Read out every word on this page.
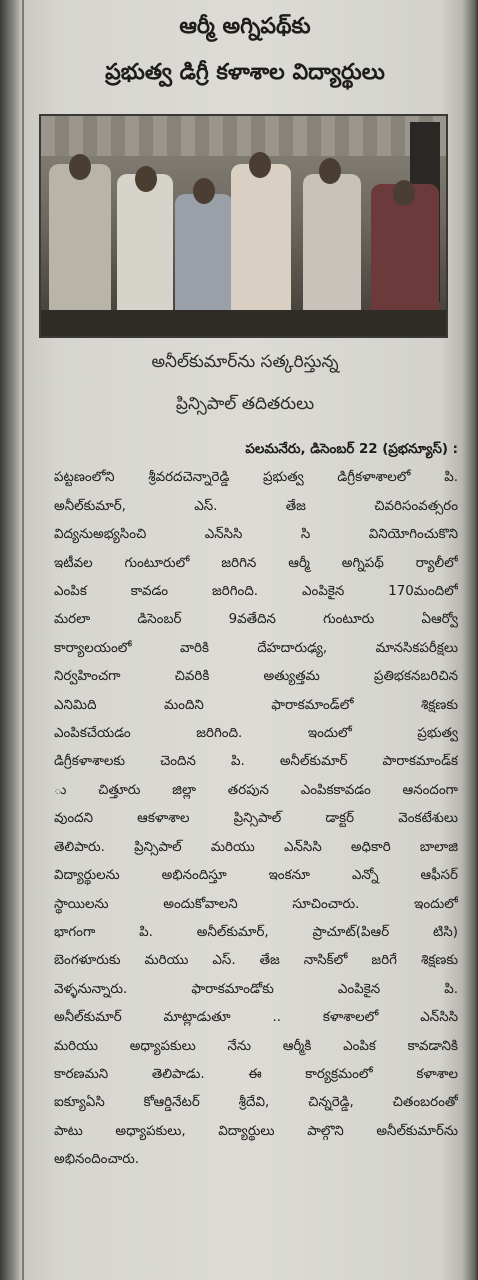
ఆర్మీ అగ్నిపథ్‌కు
ప్రభుత్వ డిగ్రీ కళాశాల విద్యార్థులు
అనీల్‌కుమార్‌ను సత్కరిస్తున్న
ప్రిన్సిపాల్ తదితరులు
పలమనేరు, డిసెంబర్ 22 (ప్రభన్యూస్) :
పట్టణంలోని శ్రీవరదచెన్నారెడ్డి ప్రభుత్వ డిగ్రీకళాశాలలో పి.
అనీల్‌కుమార్, ఎస్. తేజ చివరిసంవత్సరం
విద్యనుఅభ్యసించి ఎన్‌సిసి సి వినియోగించుకొని
ఇటీవల గుంటూరులో జరిగిన ఆర్మీ అగ్నిపథ్ ర్యాలీలో
ఎంపిక కావడం జరిగింది. ఎంపికైన 170మందిలో
మరలా డిసెంబర్ 9వతేదిన గుంటూరు ఏఆర్వో
కార్యాలయంలో వారికి దేహదారుఢ్య, మానసికపరీక్షలు
నిర్వహించగా చివరికి అత్యుత్తమ ప్రతిభకనబరిచిన
ఎనిమిది మందిని ఫారాకమాండ్‌లో శిక్షణకు
ఎంపికచేయడం జరిగింది. ఇందులో ప్రభుత్వ
డిగ్రీకళాశాలకు చెందిన పి. అనీల్‌కుమార్ పారాకమాండ్‌క
ు చిత్తూరు జిల్లా తరపున ఎంపికకావడం ఆనందంగా
వుందని ఆకళాశాల ప్రిన్సిపాల్ డాక్టర్ వెంకటేశులు
తెలిపారు. ప్రిన్సిపాల్ మరియు ఎన్‌సిసి అధికారి బాలాజి
విద్యార్థులను అభినందిస్తూ ఇంకనూ ఎన్నో ఆఫీసర్
స్థాయిలను అందుకోవాలని సూచించారు. ఇందులో
భాగంగా పి. అనీల్‌కుమార్, ప్రాచూట్(పిఆర్ టిసి)
బెంగళూరుకు మరియు ఎస్. తేజ నాసిక్‌లో జరిగే శిక్షణకు
వెళ్ళనున్నారు. ఫారాకమాండోకు ఎంపికైన పి.
అనీల్‌కుమార్ మాట్లాడుతూ .. కళాశాలలో ఎన్‌సిసి
మరియు అధ్యాపకులు నేను ఆర్మీకి ఎంపిక కావడానికి
కారణమని తెలిపాడు. ఈ కార్యక్రమంలో కళాశాల
ఐక్యూఏసి కోఆర్డినేటర్ శ్రీదేవి, చిన్నరెడ్డి, చితంబరంతో
పాటు అధ్యాపకులు, విద్యార్థులు పాల్గొని అనీల్‌కుమార్‌ను
అభినందించారు.
